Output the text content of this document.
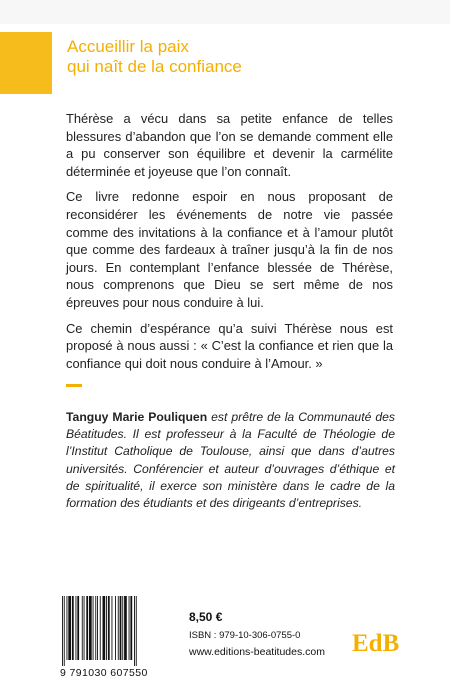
Accueillir la paix
qui naît de la confiance

Thérèse a vécu dans sa petite enfance de telles blessures d’abandon que l’on se demande comment elle a pu conserver son équilibre et devenir la carmélite déterminée et joyeuse que l’on connaît.

Ce livre redonne espoir en nous proposant de reconsidérer les événements de notre vie passée comme des invitations à la confiance et à l’amour plutôt que comme des fardeaux à traîner jusqu’à la fin de nos jours. En contemplant l’enfance blessée de Thérèse, nous comprenons que Dieu se sert même de nos épreuves pour nous conduire à lui.

Ce chemin d’espérance qu’a suivi Thérèse nous est proposé à nous aussi : « C’est la confiance et rien que la confiance qui doit nous conduire à l’Amour. »

Tanguy Marie Pouliquen est prêtre de la Communauté des Béatitudes. Il est professeur à la Faculté de Théologie de l’Institut Catholique de Toulouse, ainsi que dans d’autres universités. Conférencier et auteur d’ouvrages d’éthique et de spiritualité, il exerce son ministère dans le cadre de la formation des étudiants et des dirigeants d’entreprises.
9 791030 607550
8,50 €
ISBN : 979-10-306-0755-0
www.editions-beatitudes.com EdB
